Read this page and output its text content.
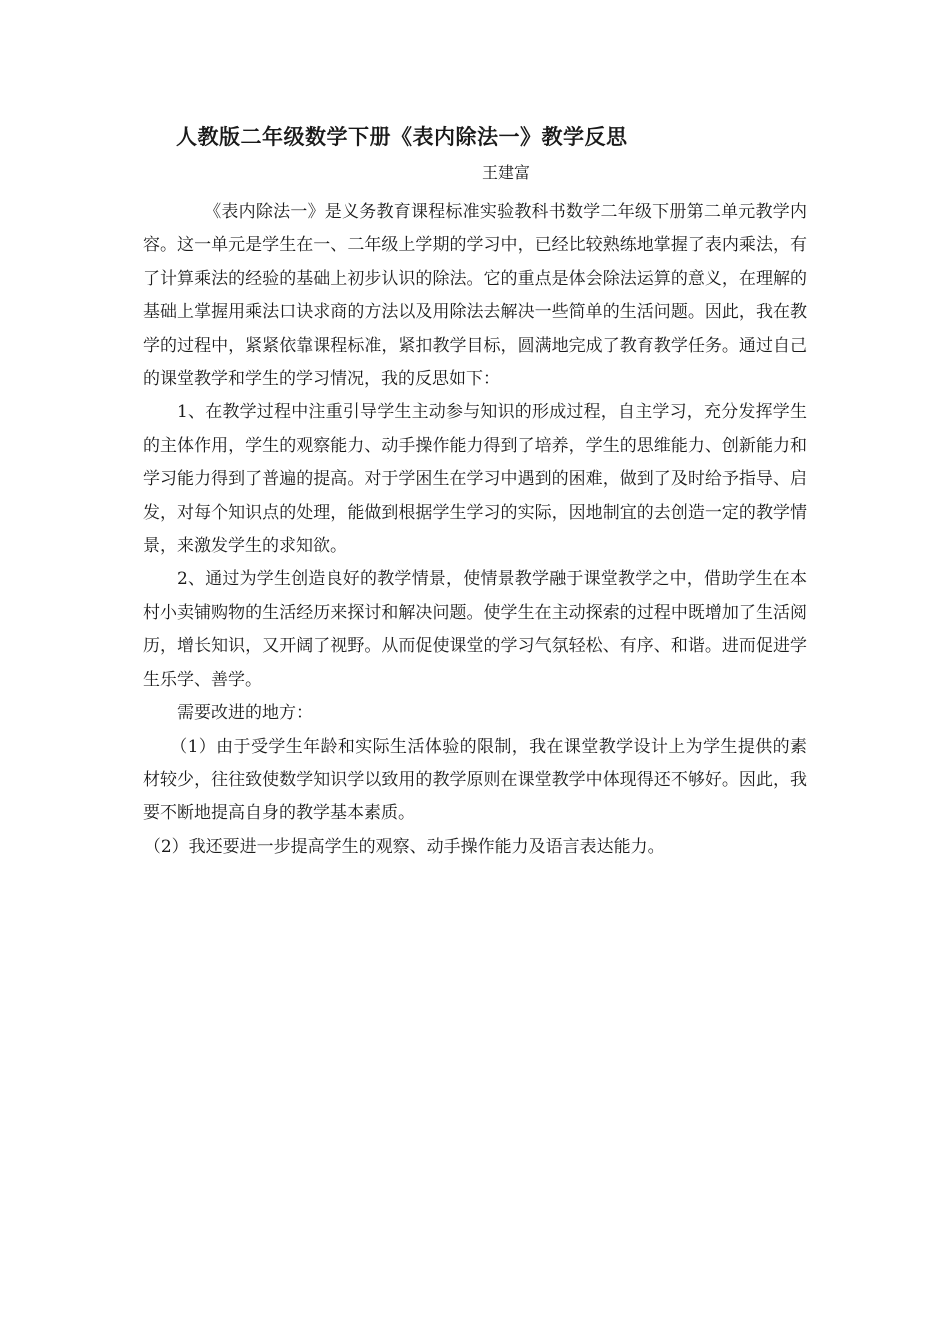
人教版二年级数学下册《表内除法一》教学反思

王建富

《表内除法一》是义务教育课程标准实验教科书数学二年级下册第二单元教学内容。这一单元是学生在一、二年级上学期的学习中，已经比较熟练地掌握了表内乘法，有了计算乘法的经验的基础上初步认识的除法。它的重点是体会除法运算的意义，在理解的基础上掌握用乘法口诀求商的方法以及用除法去解决一些简单的生活问题。因此，我在教学的过程中，紧紧依靠课程标准，紧扣教学目标，圆满地完成了教育教学任务。通过自己的课堂教学和学生的学习情况，我的反思如下：

1、在教学过程中注重引导学生主动参与知识的形成过程，自主学习，充分发挥学生的主体作用，学生的观察能力、动手操作能力得到了培养，学生的思维能力、创新能力和学习能力得到了普遍的提高。对于学困生在学习中遇到的困难，做到了及时给予指导、启发，对每个知识点的处理，能做到根据学生学习的实际，因地制宜的去创造一定的教学情景，来激发学生的求知欲。

2、通过为学生创造良好的教学情景，使情景教学融于课堂教学之中，借助学生在本村小卖铺购物的生活经历来探讨和解决问题。使学生在主动探索的过程中既增加了生活阅历，增长知识，又开阔了视野。从而促使课堂的学习气氛轻松、有序、和谐。进而促进学生乐学、善学。

需要改进的地方：

（1）由于受学生年龄和实际生活体验的限制，我在课堂教学设计上为学生提供的素材较少，往往致使数学知识学以致用的教学原则在课堂教学中体现得还不够好。因此，我要不断地提高自身的教学基本素质。

（2）我还要进一步提高学生的观察、动手操作能力及语言表达能力。
